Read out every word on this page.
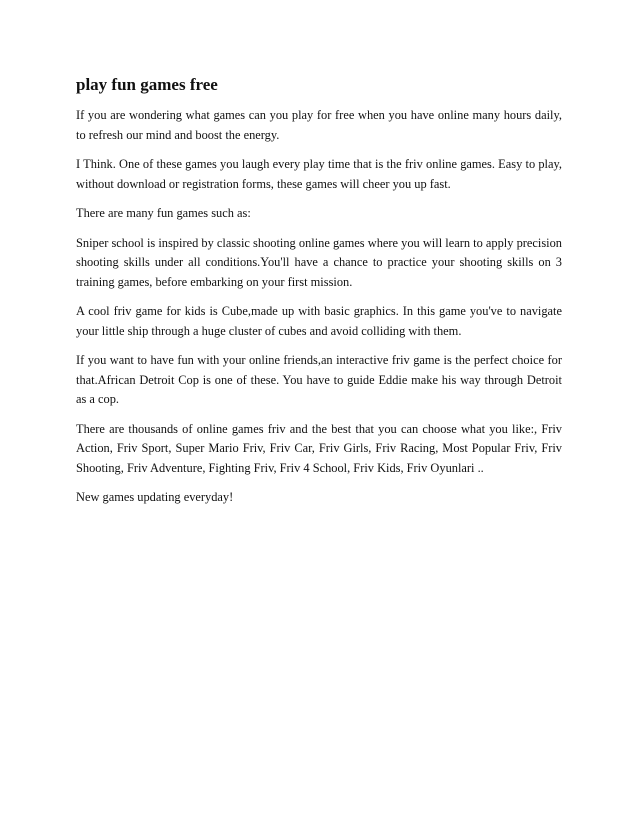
play fun games free

If you are wondering what games can you play for free when you have online many hours daily, to refresh our mind and boost the energy.

I Think. One of these games you laugh every play time that is the friv online games. Easy to play, without download or registration forms, these games will cheer you up fast.

There are many fun games such as:

Sniper school is inspired by classic shooting online games where you will learn to apply precision shooting skills under all conditions.You'll have a chance to practice your shooting skills on 3 training games, before embarking on your first mission.

A cool friv game for kids is Cube,made up with basic graphics. In this game you've to navigate your little ship through a huge cluster of cubes and avoid colliding with them.

If you want to have fun with your online friends,an interactive friv game is the perfect choice for that.African Detroit Cop is one of these. You have to guide Eddie make his way through Detroit as a cop.

There are thousands of online games friv and the best that you can choose what you like:, Friv Action, Friv Sport, Super Mario Friv, Friv Car, Friv Girls, Friv Racing, Most Popular Friv, Friv Shooting, Friv Adventure, Fighting Friv, Friv 4 School, Friv Kids, Friv Oyunlari ..

New games updating everyday!
